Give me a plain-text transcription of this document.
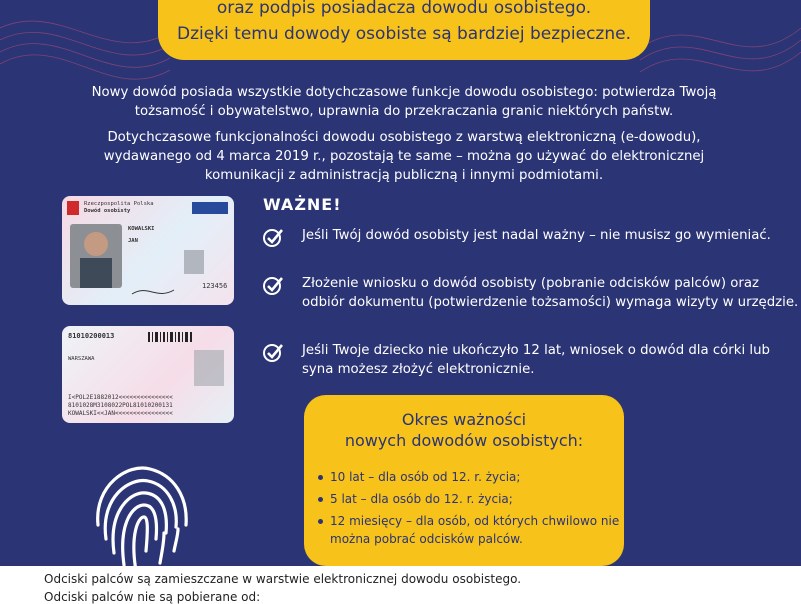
oraz podpis posiadacza dowodu osobistego.
Dzięki temu dowody osobiste są bardziej bezpieczne.

Nowy dowód posiada wszystkie dotychczasowe funkcje dowodu osobistego: potwierdza Twoją tożsamość i obywatelstwo, uprawnia do przekraczania granic niektórych państw.

Dotychczasowe funkcjonalności dowodu osobistego z warstwą elektroniczną (e-dowodu), wydawanego od 4 marca 2019 r., pozostają te same – można go używać do elektronicznej komunikacji z administracją publiczną i innymi podmiotami.

Rzeczpospolita Polska
Dowód osobisty
KOWALSKI
JAN
123456
81010200013
WARSZAWA
I<POL2E1882012<<<<<<<<<<<<<<<
8101028M3108022POL81010200131
KOWALSKI<<JAN<<<<<<<<<<<<<<<<
WAŻNE!

Jeśli Twój dowód osobisty jest nadal ważny – nie musisz go wymieniać.

Złożenie wniosku o dowód osobisty (pobranie odcisków palców) oraz odbiór dokumentu (potwierdzenie tożsamości) wymaga wizyty w urzędzie.

Jeśli Twoje dziecko nie ukończyło 12 lat, wniosek o dowód dla córki lub syna możesz złożyć elektronicznie.

Okres ważności
nowych dowodów osobistych:
10 lat – dla osób od 12. r. życia;
5 lat – dla osób do 12. r. życia;
12 miesięcy – dla osób, od których chwilowo nie można pobrać odcisków palców.

Odciski palców są zamieszczane w warstwie elektronicznej dowodu osobistego.

Odciski palców nie są pobierane od:
